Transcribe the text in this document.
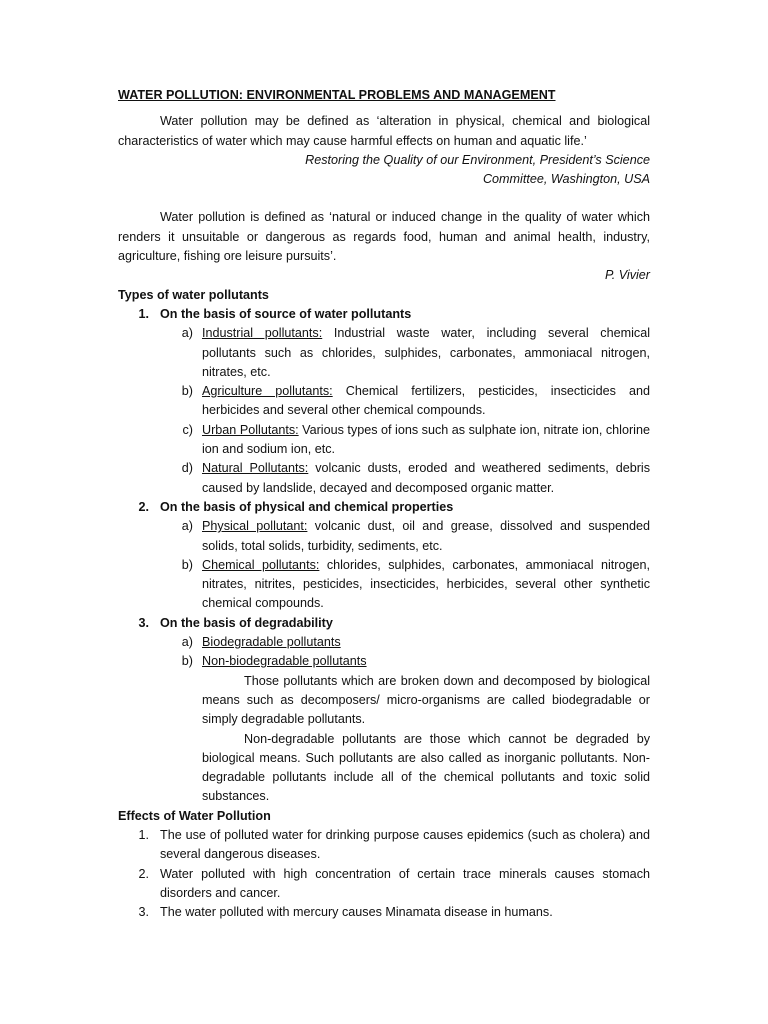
WATER POLLUTION: ENVIRONMENTAL PROBLEMS AND MANAGEMENT

Water pollution may be defined as ‘alteration in physical, chemical and biological characteristics of water which may cause harmful effects on human and aquatic life.’

Restoring the Quality of our Environment, President’s Science

Committee, Washington, USA

Water pollution is defined as ‘natural or induced change in the quality of water which renders it unsuitable or dangerous as regards food, human and animal health, industry, agriculture, fishing ore leisure pursuits’.

P. Vivier

Types of water pollutants

1. On the basis of source of water pollutants
a) Industrial pollutants: Industrial waste water, including several chemical pollutants such as chlorides, sulphides, carbonates, ammoniacal nitrogen, nitrates, etc.
b) Agriculture pollutants: Chemical fertilizers, pesticides, insecticides and herbicides and several other chemical compounds.
c) Urban Pollutants: Various types of ions such as sulphate ion, nitrate ion, chlorine ion and sodium ion, etc.
d) Natural Pollutants: volcanic dusts, eroded and weathered sediments, debris caused by landslide, decayed and decomposed organic matter.
2. On the basis of physical and chemical properties
a) Physical pollutant: volcanic dust, oil and grease, dissolved and suspended solids, total solids, turbidity, sediments, etc.
b) Chemical pollutants: chlorides, sulphides, carbonates, ammoniacal nitrogen, nitrates, nitrites, pesticides, insecticides, herbicides, several other synthetic chemical compounds.
3. On the basis of degradability
a) Biodegradable pollutants
b) Non-biodegradable pollutants

Those pollutants which are broken down and decomposed by biological means such as decomposers/ micro-organisms are called biodegradable or simply degradable pollutants.

Non-degradable pollutants are those which cannot be degraded by biological means. Such pollutants are also called as inorganic pollutants. Non-degradable pollutants include all of the chemical pollutants and toxic solid substances.

Effects of Water Pollution

1. The use of polluted water for drinking purpose causes epidemics (such as cholera) and several dangerous diseases.
2. Water polluted with high concentration of certain trace minerals causes stomach disorders and cancer.
3. The water polluted with mercury causes Minamata disease in humans.
